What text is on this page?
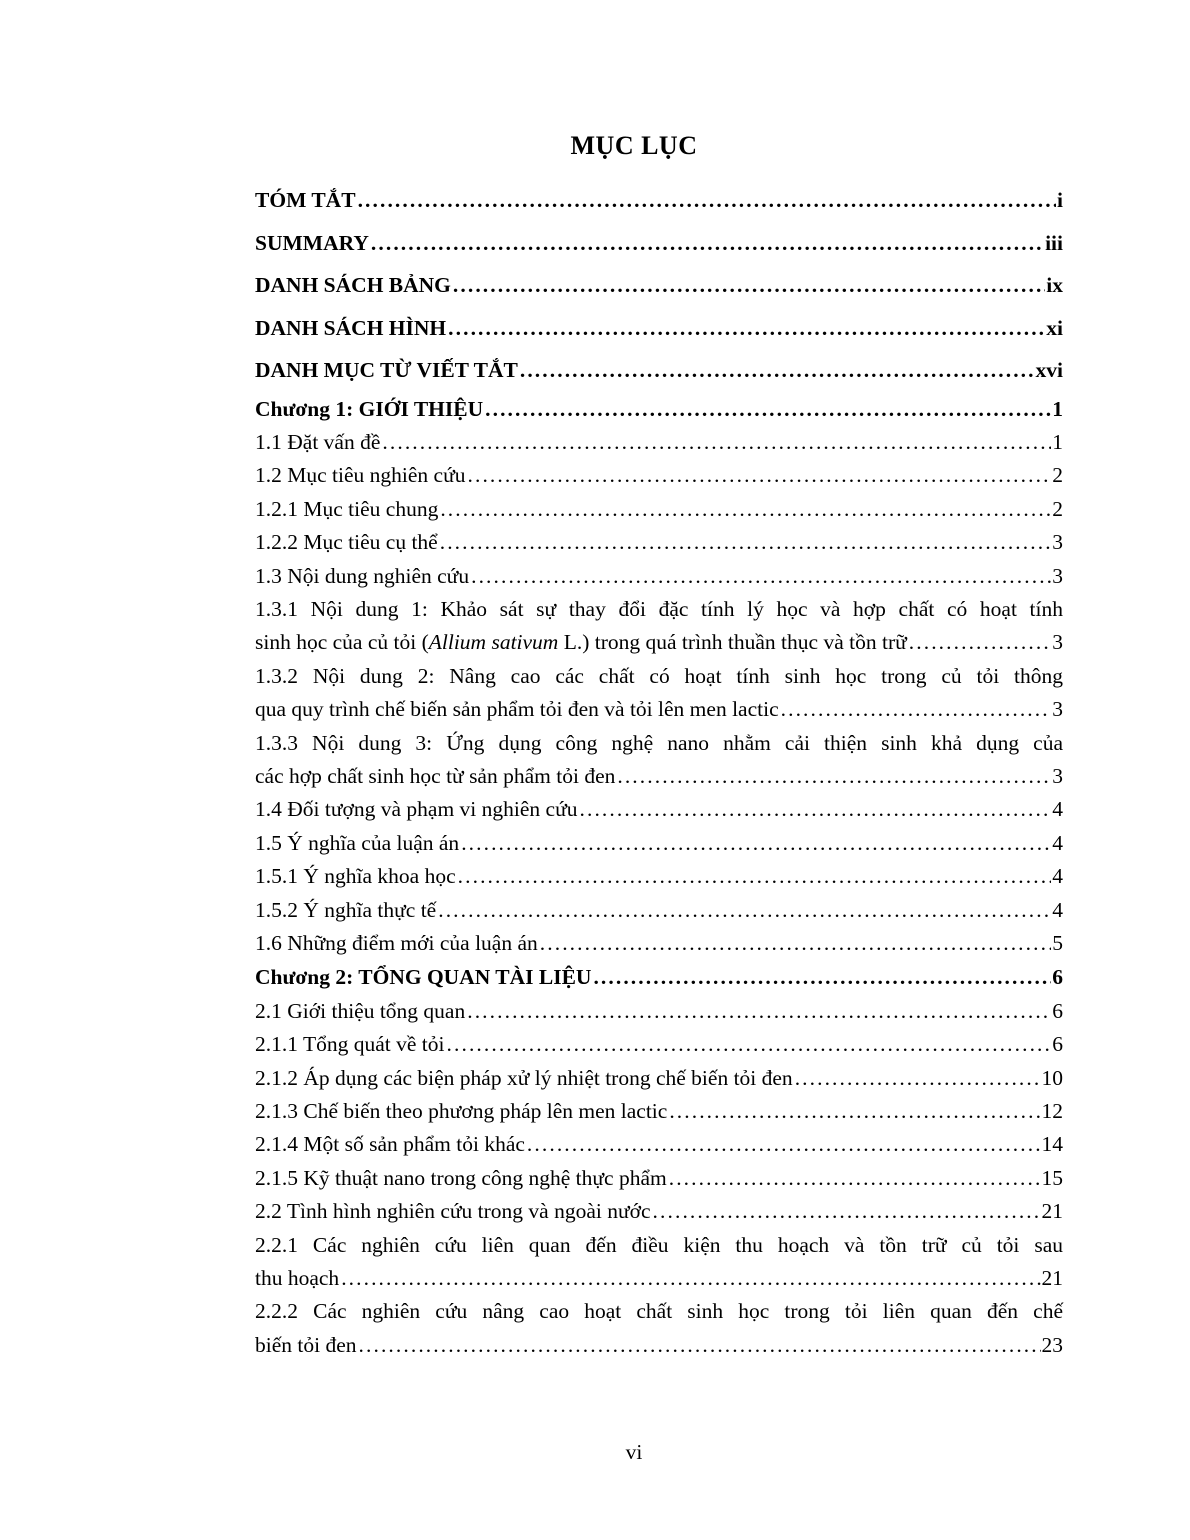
MỤC LỤC
TÓM TẮT .....	i
SUMMARY .....	iii
DANH SÁCH BẢNG .....	ix
DANH SÁCH HÌNH .....	xi
DANH MỤC TỪ VIẾT TẮT .....	xvi
Chương 1: GIỚI THIỆU .....	1
1.1 Đặt vấn đề .....	1
1.2 Mục tiêu nghiên cứu .....	2
1.2.1 Mục tiêu chung .....	2
1.2.2 Mục tiêu cụ thể .....	3
1.3 Nội dung nghiên cứu .....	3
1.3.1 Nội dung 1: Khảo sát sự thay đổi đặc tính lý học và hợp chất có hoạt tính
sinh học của củ tỏi (Allium sativum L.) trong quá trình thuần thục và tồn trữ .....	3
1.3.2 Nội dung 2: Nâng cao các chất có hoạt tính sinh học trong củ tỏi thông
qua quy trình chế biến sản phẩm tỏi đen và tỏi lên men lactic .....	3
1.3.3 Nội dung 3: Ứng dụng công nghệ nano nhằm cải thiện sinh khả dụng của
các hợp chất sinh học từ sản phẩm tỏi đen .....	3
1.4 Đối tượng và phạm vi nghiên cứu .....	4
1.5 Ý nghĩa của luận án .....	4
1.5.1 Ý nghĩa khoa học .....	4
1.5.2 Ý nghĩa thực tế .....	4
1.6 Những điểm mới của luận án .....	5
Chương 2: TỔNG QUAN TÀI LIỆU .....	6
2.1 Giới thiệu tổng quan .....	6
2.1.1 Tổng quát về tỏi .....	6
2.1.2 Áp dụng các biện pháp xử lý nhiệt trong chế biến tỏi đen .....	10
2.1.3 Chế biến theo phương pháp lên men lactic .....	12
2.1.4 Một số sản phẩm tỏi khác .....	14
2.1.5 Kỹ thuật nano trong công nghệ thực phẩm .....	15
2.2 Tình hình nghiên cứu trong và ngoài nước .....	21
2.2.1 Các nghiên cứu liên quan đến điều kiện thu hoạch và tồn trữ củ tỏi sau
thu hoạch .....	21
2.2.2 Các nghiên cứu nâng cao hoạt chất sinh học trong tỏi liên quan đến chế
biến tỏi đen .....	23
vi
